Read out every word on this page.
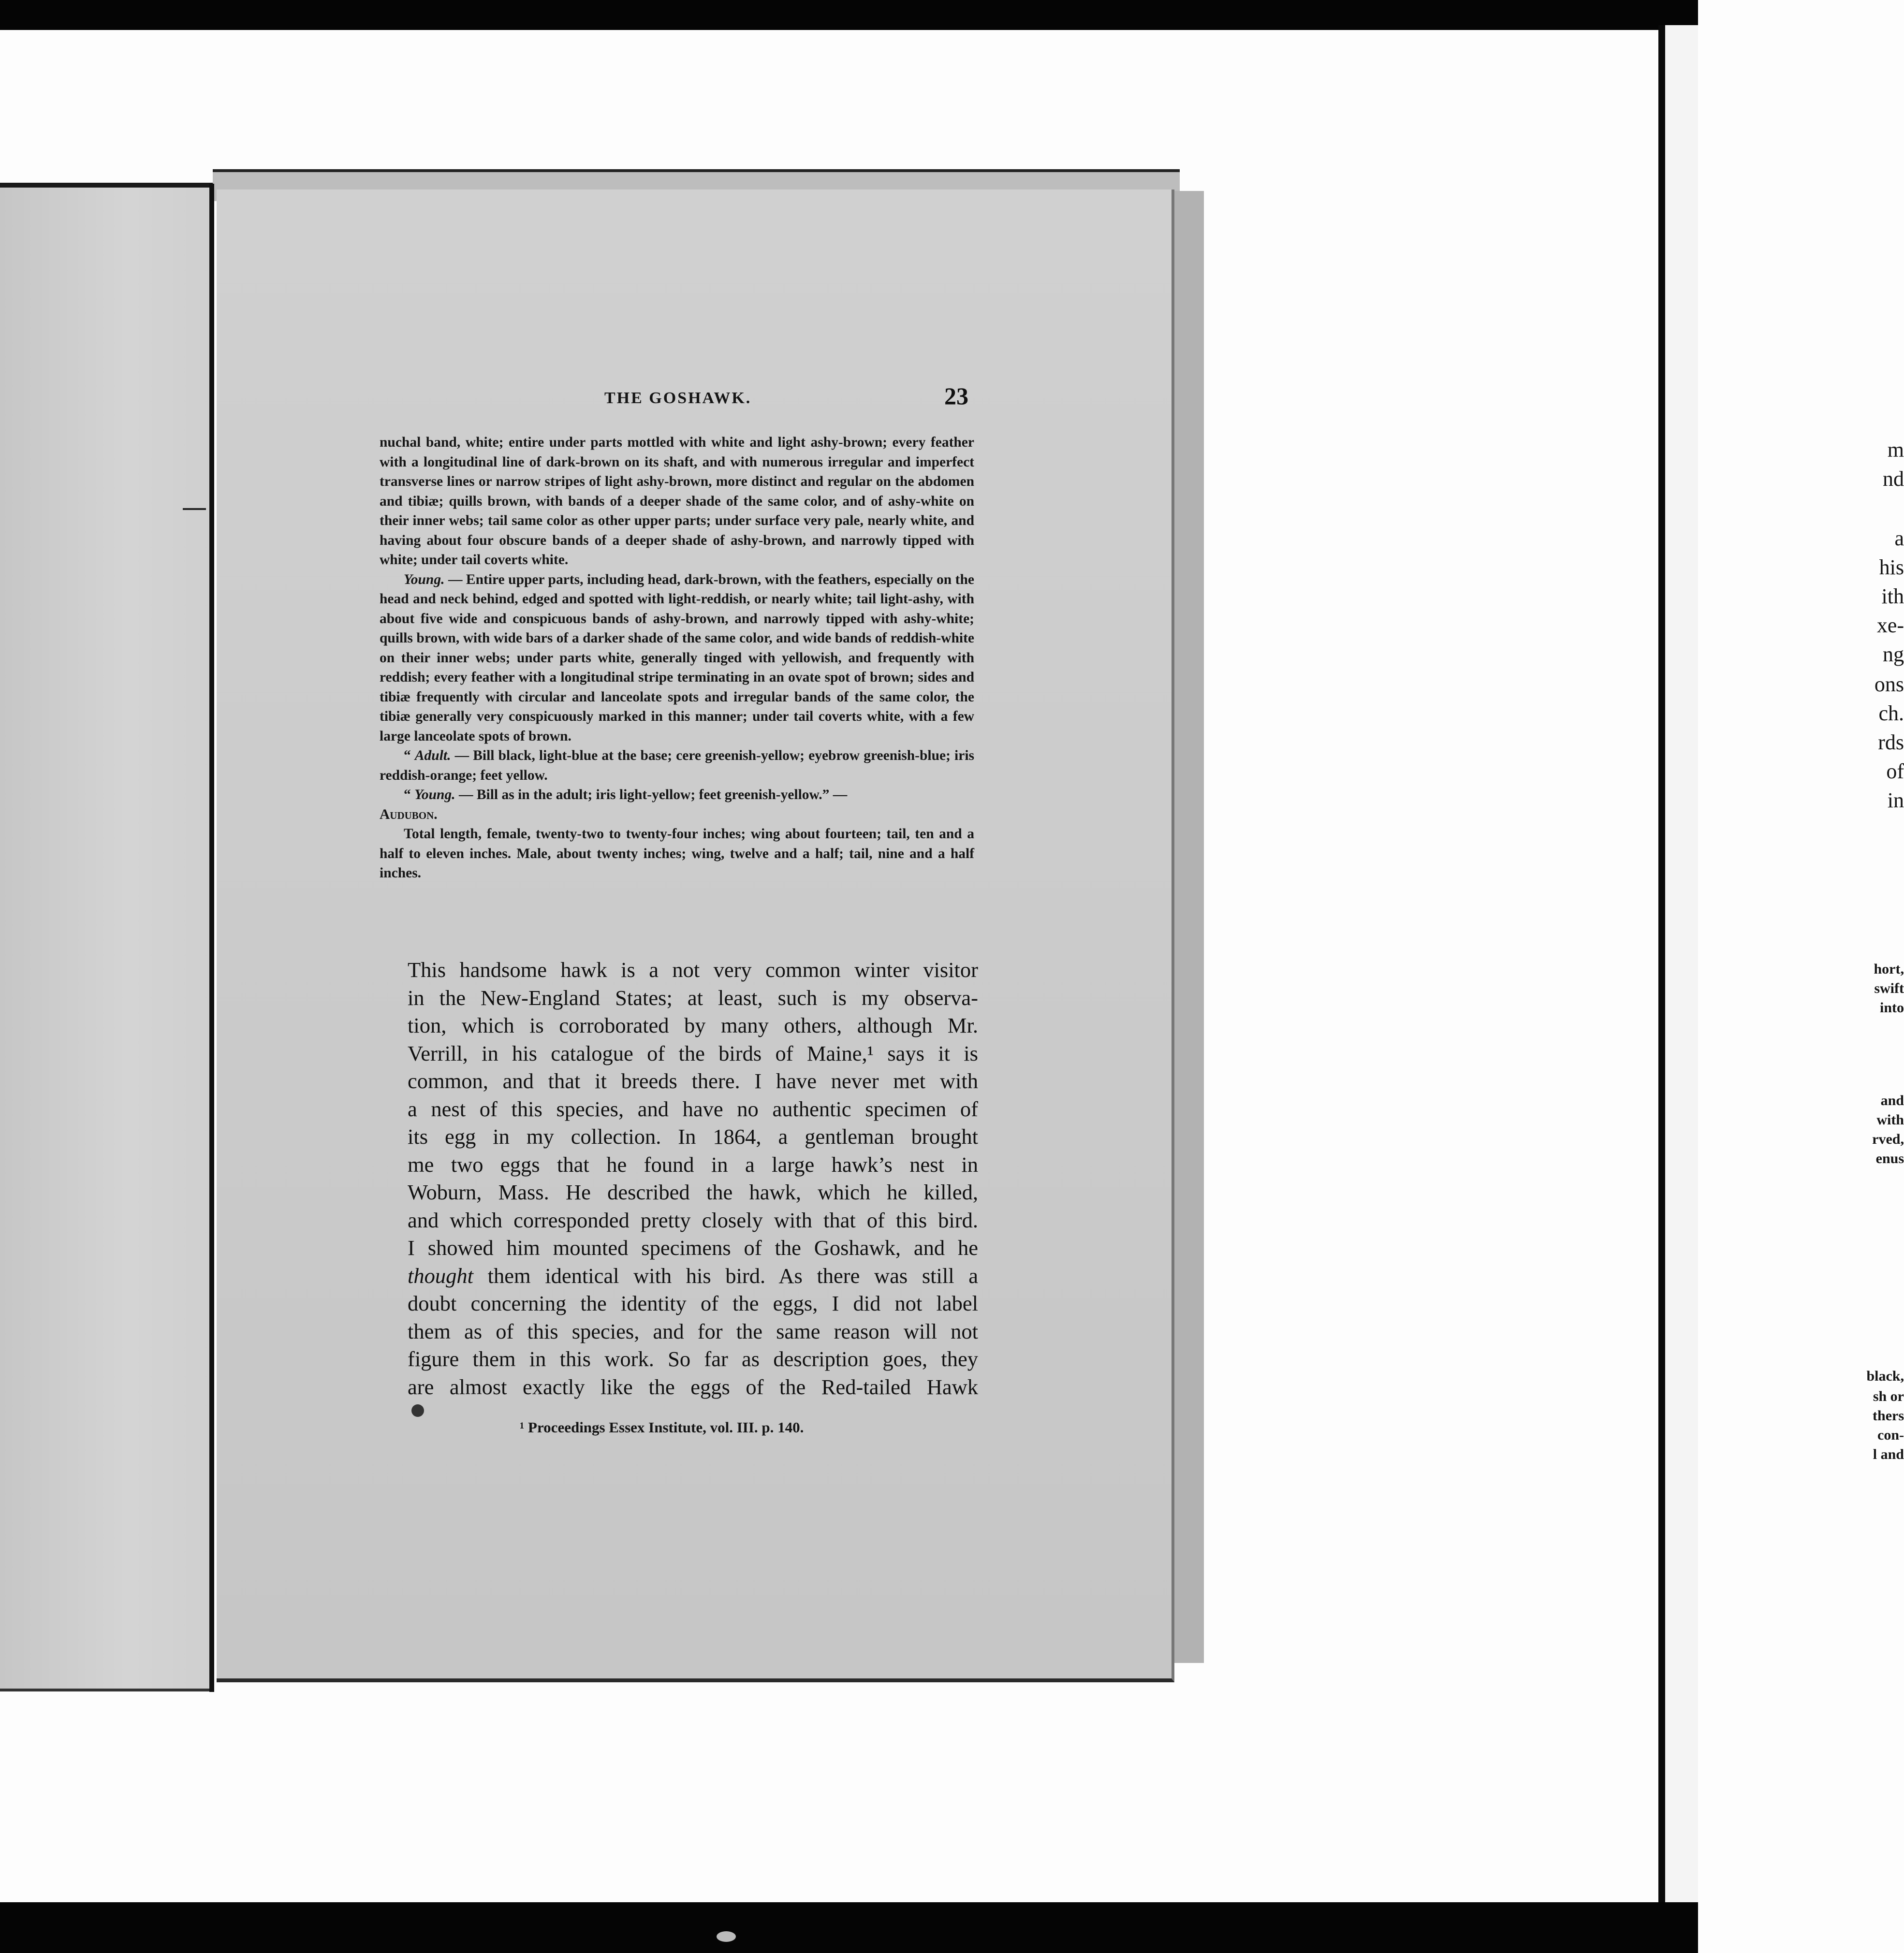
m
nd
a
his
ith
xe-
ng
ons
ch.
rds
of
in
hort,
swift
into
and
with
rved,
enus
black,
sh or
thers
con-
l and
THE GOSHAWK.	23

nuchal band, white; entire under parts mottled with white and light ashy-brown; every feather with a longitudinal line of dark-brown on its shaft, and with numerous irregular and imperfect transverse lines or narrow stripes of light ashy-brown, more distinct and regular on the abdomen and tibiæ; quills brown, with bands of a deeper shade of the same color, and of ashy-white on their inner webs; tail same color as other upper parts; under surface very pale, nearly white, and having about four obscure bands of a deeper shade of ashy-brown, and narrowly tipped with white; under tail coverts white.

Young. — Entire upper parts, including head, dark-brown, with the feathers, especially on the head and neck behind, edged and spotted with light-reddish, or nearly white; tail light-ashy, with about five wide and conspicuous bands of ashy-brown, and narrowly tipped with ashy-white; quills brown, with wide bars of a darker shade of the same color, and wide bands of reddish-white on their inner webs; under parts white, generally tinged with yellowish, and frequently with reddish; every feather with a longitudinal stripe terminating in an ovate spot of brown; sides and tibiæ frequently with circular and lanceolate spots and irregular bands of the same color, the tibiæ generally very conspicuously marked in this manner; under tail coverts white, with a few large lanceolate spots of brown.

“ Adult. — Bill black, light-blue at the base; cere greenish-yellow; eyebrow greenish-blue; iris reddish-orange; feet yellow.

“ Young. — Bill as in the adult; iris light-yellow; feet greenish-yellow.” —
Audubon.

Total length, female, twenty-two to twenty-four inches; wing about fourteen; tail, ten and a half to eleven inches. Male, about twenty inches; wing, twelve and a half; tail, nine and a half inches.

This handsome hawk is a not very common winter visitor
in the New-England States; at least, such is my observa-
tion, which is corroborated by many others, although Mr.
Verrill, in his catalogue of the birds of Maine,¹ says it is
common, and that it breeds there. I have never met with
a nest of this species, and have no authentic specimen of
its egg in my collection. In 1864, a gentleman brought
me two eggs that he found in a large hawk’s nest in
Woburn, Mass. He described the hawk, which he killed,
and which corresponded pretty closely with that of this bird.
I showed him mounted specimens of the Goshawk, and he
thought them identical with his bird. As there was still a
doubt concerning the identity of the eggs, I did not label
them as of this species, and for the same reason will not
figure them in this work. So far as description goes, they
are almost exactly like the eggs of the Red-tailed Hawk
¹ Proceedings Essex Institute, vol. III. p. 140.
